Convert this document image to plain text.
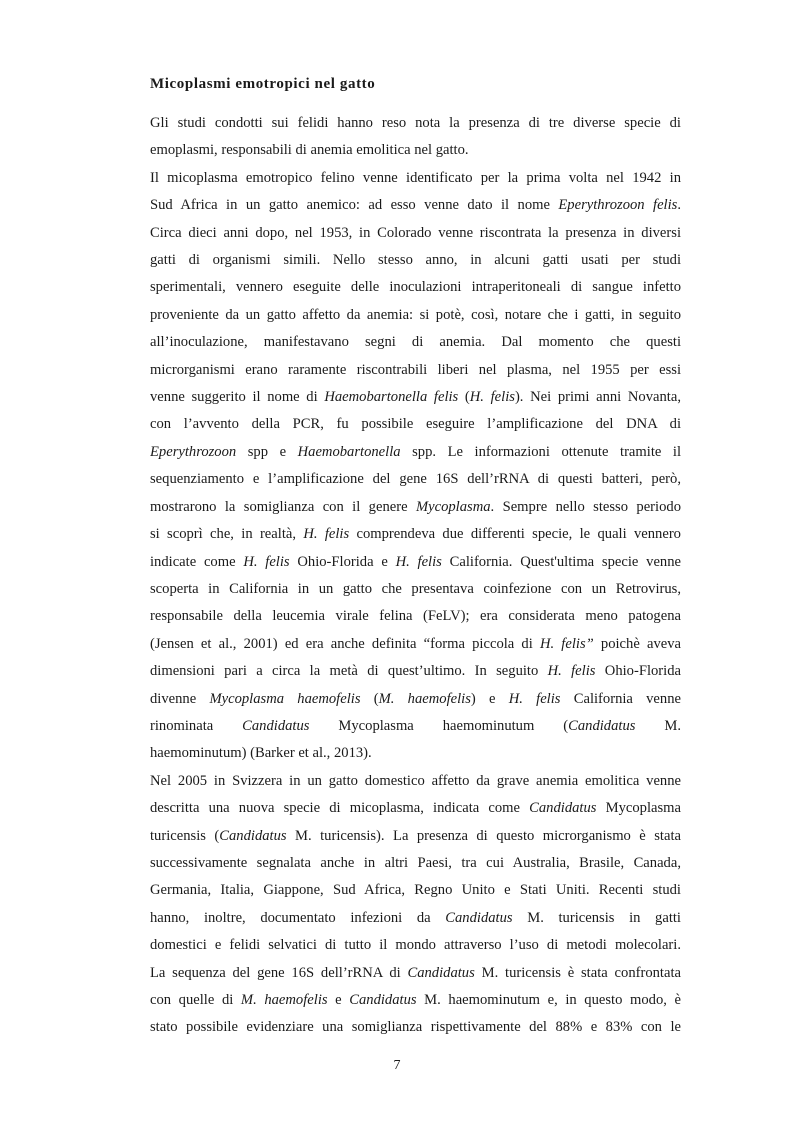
Micoplasmi emotropici nel gatto

Gli studi condotti sui felidi hanno reso nota la presenza di tre diverse specie di
emoplasmi, responsabili di anemia emolitica nel gatto.

Il micoplasma emotropico felino venne identificato per la prima volta nel 1942 in
Sud Africa in un gatto anemico: ad esso venne dato il nome Eperythrozoon felis.
Circa dieci anni dopo, nel 1953, in Colorado venne riscontrata la presenza in diversi
gatti di organismi simili. Nello stesso anno, in alcuni gatti usati per studi
sperimentali, vennero eseguite delle inoculazioni intraperitoneali di sangue infetto
proveniente da un gatto affetto da anemia: si potè, così, notare che i gatti, in seguito
all’inoculazione, manifestavano segni di anemia. Dal momento che questi
microrganismi erano raramente riscontrabili liberi nel plasma, nel 1955 per essi
venne suggerito il nome di Haemobartonella felis (H. felis). Nei primi anni Novanta,
con l’avvento della PCR, fu possibile eseguire l’amplificazione del DNA di
Eperythrozoon spp e Haemobartonella spp. Le informazioni ottenute tramite il
sequenziamento e l’amplificazione del gene 16S dell’rRNA di questi batteri, però,
mostrarono la somiglianza con il genere Mycoplasma. Sempre nello stesso periodo
si scoprì che, in realtà, H. felis comprendeva due differenti specie, le quali vennero
indicate come H. felis Ohio-Florida e H. felis California. Quest'ultima specie venne
scoperta in California in un gatto che presentava coinfezione con un Retrovirus,
responsabile della leucemia virale felina (FeLV); era considerata meno patogena
(Jensen et al., 2001) ed era anche definita “forma piccola di H. felis” poichè aveva
dimensioni pari a circa la metà di quest’ultimo. In seguito H. felis Ohio-Florida
divenne Mycoplasma haemofelis (M. haemofelis) e H. felis California venne
rinominata Candidatus Mycoplasma haemominutum (Candidatus M.
haemominutum) (Barker et al., 2013).

Nel 2005 in Svizzera in un gatto domestico affetto da grave anemia emolitica venne
descritta una nuova specie di micoplasma, indicata come Candidatus Mycoplasma
turicensis (Candidatus M. turicensis). La presenza di questo microrganismo è stata
successivamente segnalata anche in altri Paesi, tra cui Australia, Brasile, Canada,
Germania, Italia, Giappone, Sud Africa, Regno Unito e Stati Uniti. Recenti studi
hanno, inoltre, documentato infezioni da Candidatus M. turicensis in gatti
domestici e felidi selvatici di tutto il mondo attraverso l’uso di metodi molecolari.
La sequenza del gene 16S dell’rRNA di Candidatus M. turicensis è stata confrontata
con quelle di M. haemofelis e Candidatus M. haemominutum e, in questo modo, è
stato possibile evidenziare una somiglianza rispettivamente del 88% e 83% con le

7
